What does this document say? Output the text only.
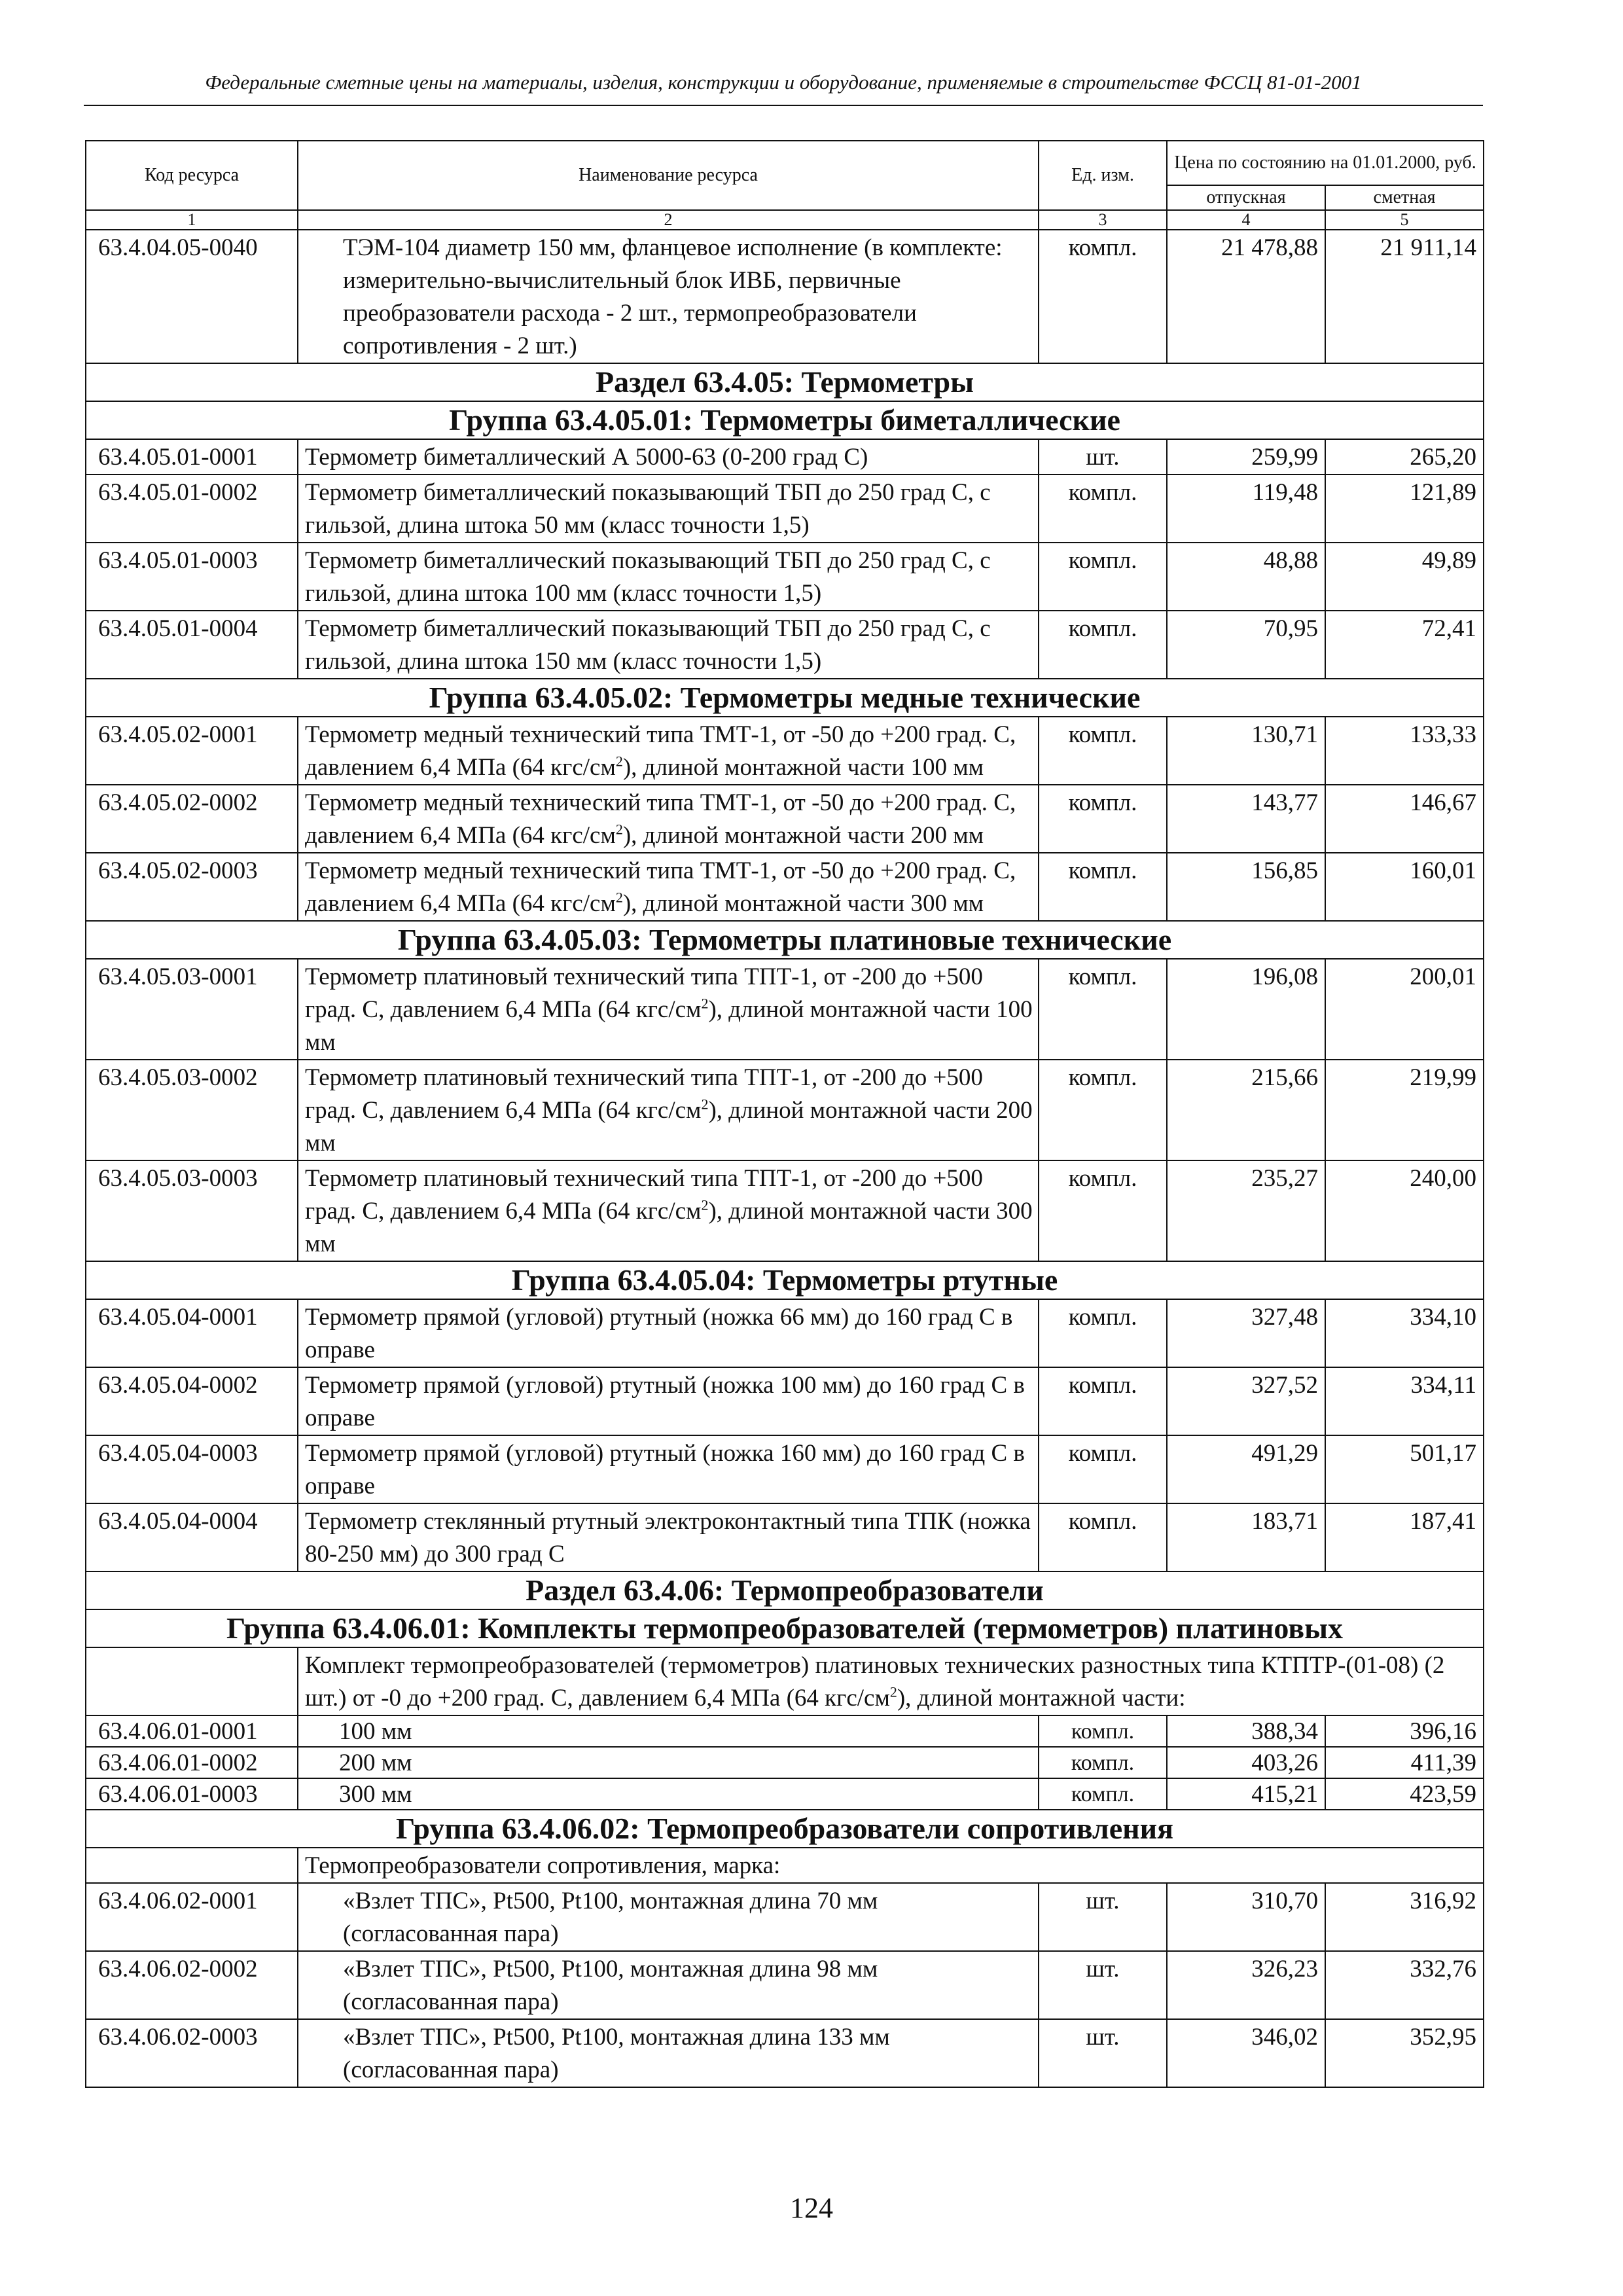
Федеральные сметные цены на материалы, изделия, конструкции и оборудование, применяемые в строительстве ФССЦ 81-01-2001
Код ресурса	Наименование ресурса	Ед. изм.	Цена по состоянию на 01.01.2000, руб.	
			отпускная	сметная
1	2	3	4	5
63.4.04.05-0040	ТЭМ-104 диаметр 150 мм, фланцевое исполнение (в комплекте: измерительно-вычислительный блок ИВБ, первичные преобразователи расхода - 2 шт., термопреобразователи сопротивления - 2 шт.)	компл.	21 478,88	21 911,14
Раздел 63.4.05: Термометры				
Группа 63.4.05.01: Термометры биметаллические				
63.4.05.01-0001	Термометр биметаллический А 5000-63 (0-200 град С)	шт.	259,99	265,20
63.4.05.01-0002	Термометр биметаллический показывающий ТБП до 250 град С, с гильзой, длина штока 50 мм (класс точности 1,5)	компл.	119,48	121,89
63.4.05.01-0003	Термометр биметаллический показывающий ТБП до 250 град С, с гильзой, длина штока 100 мм (класс точности 1,5)	компл.	48,88	49,89
63.4.05.01-0004	Термометр биметаллический показывающий ТБП до 250 град С, с гильзой, длина штока 150 мм (класс точности 1,5)	компл.	70,95	72,41
Группа 63.4.05.02: Термометры медные технические				
63.4.05.02-0001	Термометр медный технический типа ТМТ-1, от -50 до +200 град. С, давлением 6,4 МПа (64 кгс/$см^2$), длиной монтажной части 100 мм	компл.	130,71	133,33
63.4.05.02-0002	Термометр медный технический типа ТМТ-1, от -50 до +200 град. С, давлением 6,4 МПа (64 кгс/$см^2$), длиной монтажной части 200 мм	компл.	143,77	146,67
63.4.05.02-0003	Термометр медный технический типа ТМТ-1, от -50 до +200 град. С, давлением 6,4 МПа (64 кгс/$см^2$), длиной монтажной части 300 мм	компл.	156,85	160,01
Группа 63.4.05.03: Термометры платиновые технические				
63.4.05.03-0001	Термометр платиновый технический типа ТПТ-1, от -200 до +500 град. С, давлением 6,4 МПа (64 кгс/$см^2$), длиной монтажной части 100 мм	компл.	196,08	200,01
63.4.05.03-0002	Термометр платиновый технический типа ТПТ-1, от -200 до +500 град. С, давлением 6,4 МПа (64 кгс/$см^2$), длиной монтажной части 200 мм	компл.	215,66	219,99
63.4.05.03-0003	Термометр платиновый технический типа ТПТ-1, от -200 до +500 град. С, давлением 6,4 МПа (64 кгс/$см^2$), длиной монтажной части 300 мм	компл.	235,27	240,00
Группа 63.4.05.04: Термометры ртутные				
63.4.05.04-0001	Термометр прямой (угловой) ртутный (ножка 66 мм) до 160 град С в оправе	компл.	327,48	334,10
63.4.05.04-0002	Термометр прямой (угловой) ртутный (ножка 100 мм) до 160 град С в оправе	компл.	327,52	334,11
63.4.05.04-0003	Термометр прямой (угловой) ртутный (ножка 160 мм) до 160 град С в оправе	компл.	491,29	501,17
63.4.05.04-0004	Термометр стеклянный ртутный электроконтактный типа ТПК (ножка 80-250 мм) до 300 град С	компл.	183,71	187,41
Раздел 63.4.06: Термопреобразователи				
Группа 63.4.06.01: Комплекты термопреобразователей (термометров) платиновых				
	Комплект термопреобразователей (термометров) платиновых технических разностных типа КТПТР-(01-08) (2 шт.) от -0 до +200 град. С, давлением 6,4 МПа (64 кгс/$см^2$), длиной монтажной части:			
63.4.06.01-0001	100 мм	компл.	388,34	396,16
63.4.06.01-0002	200 мм	компл.	403,26	411,39
63.4.06.01-0003	300 мм	компл.	415,21	423,59
Группа 63.4.06.02: Термопреобразователи сопротивления				
	Термопреобразователи сопротивления, марка:			
63.4.06.02-0001	«Взлет ТПС», Pt500, Pt100, монтажная длина 70 мм (согласованная пара)	шт.	310,70	316,92
63.4.06.02-0002	«Взлет ТПС», Pt500, Pt100, монтажная длина 98 мм (согласованная пара)	шт.	326,23	332,76
63.4.06.02-0003	«Взлет ТПС», Pt500, Pt100, монтажная длина 133 мм (согласованная пара)	шт.	346,02	352,95
124
